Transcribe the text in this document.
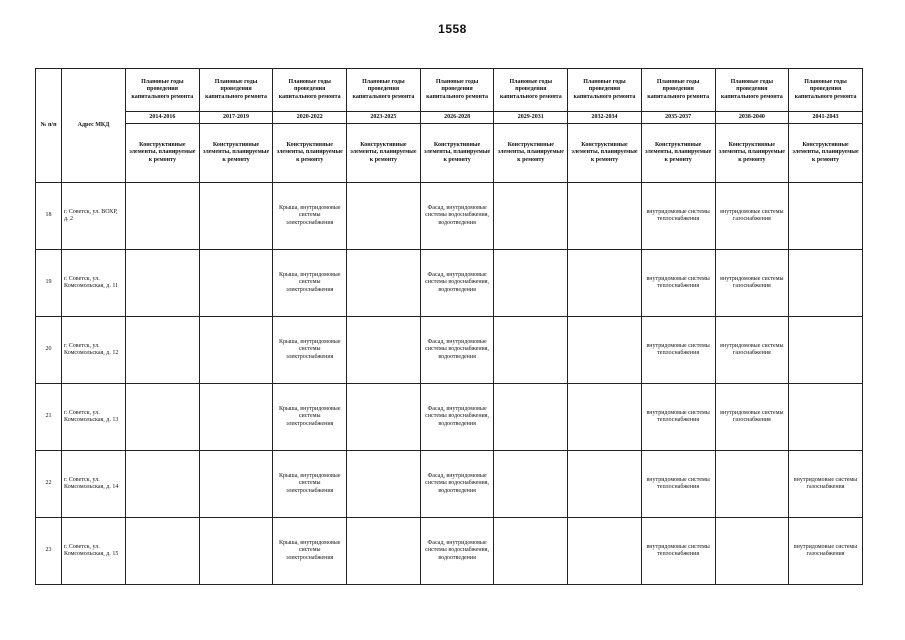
1558
№ п/п	Адрес МКД	Плановые годы проведения капитального ремонта	Плановые годы проведения капитального ремонта	Плановые годы проведения капитального ремонта	Плановые годы проведения капитального ремонта	Плановые годы проведения капитального ремонта	Плановые годы проведения капитального ремонта	Плановые годы проведения капитального ремонта	Плановые годы проведения капитального ремонта	Плановые годы проведения капитального ремонта	Плановые годы проведения капитального ремонта
		2014-2016	2017-2019	2020-2022	2023-2025	2026-2028	2029-2031	2032-2034	2035-2037	2038-2040	2041-2043
		Конструктивные элементы, планируемые к ремонту	Конструктивные элементы, планируемые к ремонту	Конструктивные элементы, планируемые к ремонту	Конструктивные элементы, планируемые к ремонту	Конструктивные элементы, планируемые к ремонту	Конструктивные элементы, планируемые к ремонту	Конструктивные элементы, планируемые к ремонту	Конструктивные элементы, планируемые к ремонту	Конструктивные элементы, планируемые к ремонту	Конструктивные элементы, планируемые к ремонту
18	г. Советск, ул. ВОХР, д. 2			Крыша, внутридомовые системы электроснабжения		Фасад, внутридомовые системы водоснабжения, водоотведения			внутридомовые системы теплоснабжения	внутридомовые системы газоснабжения	
19	г. Советск, ул. Комсомольская, д. 11			Крыша, внутридомовые системы электроснабжения		Фасад, внутридомовые системы водоснабжения, водоотведения			внутридомовые системы теплоснабжения	внутридомовые системы газоснабжения	
20	г. Советск, ул. Комсомольская, д. 12			Крыша, внутридомовые системы электроснабжения		Фасад, внутридомовые системы водоснабжения, водоотведения			внутридомовые системы теплоснабжения	внутридомовые системы газоснабжения	
21	г. Советск, ул. Комсомольская, д. 13			Крыша, внутридомовые системы электроснабжения		Фасад, внутридомовые системы водоснабжения, водоотведения			внутридомовые системы теплоснабжения	внутридомовые системы газоснабжения	
22	г. Советск, ул. Комсомольская, д. 14			Крыша, внутридомовые системы электроснабжения		Фасад, внутридомовые системы водоснабжения, водоотведения			внутридомовые системы теплоснабжения		внутридомовые системы газоснабжения
23	г. Советск, ул. Комсомольская, д. 15			Крыша, внутридомовые системы электроснабжения		Фасад, внутридомовые системы водоснабжения, водоотведения			внутридомовые системы теплоснабжения		внутридомовые системы газоснабжения
